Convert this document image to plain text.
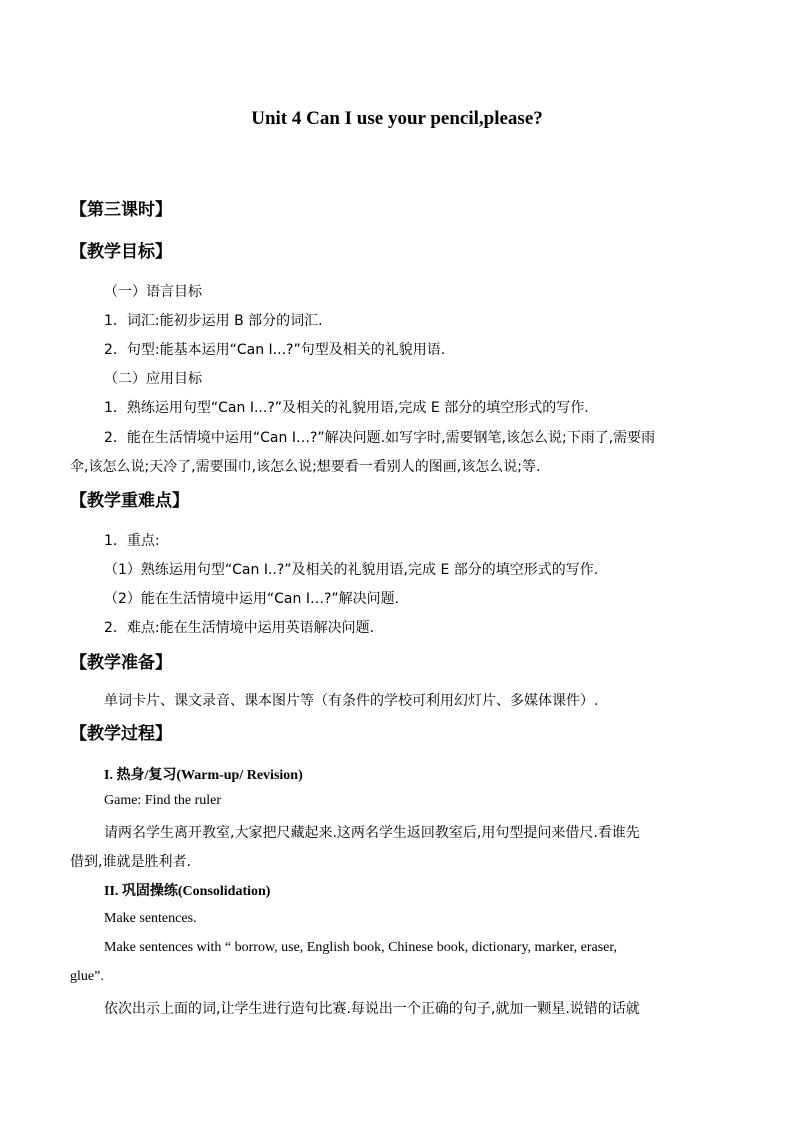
Unit 4 Can I use your pencil,please?
【第三课时】
【教学目标】
（一）语言目标
1．词汇:能初步运用 B 部分的词汇.
2．句型:能基本运用“Can I...?”句型及相关的礼貌用语.
（二）应用目标
1．熟练运用句型“Can I...?”及相关的礼貌用语,完成 E 部分的填空形式的写作.
2．能在生活情境中运用“Can I…?”解决问题.如写字时,需要钢笔,该怎么说;下雨了,需要雨
伞,该怎么说;天冷了,需要围巾,该怎么说;想要看一看别人的图画,该怎么说;等.
【教学重难点】
1．重点:
（1）熟练运用句型“Can I..?”及相关的礼貌用语,完成 E 部分的填空形式的写作.
（2）能在生活情境中运用“Can I…?”解决问题.
2．难点:能在生活情境中运用英语解决问题.
【教学准备】
单词卡片、课文录音、课本图片等（有条件的学校可利用幻灯片、多媒体课件）.
【教学过程】
I. 热身/复习(Warm-up/ Revision)
Game: Find the ruler
请两名学生离开教室,大家把尺藏起来.这两名学生返回教室后,用句型提问来借尺.看谁先
借到,谁就是胜利者.
II. 巩固操练(Consolidation)
Make sentences.
Make sentences with “ borrow, use, English book, Chinese book, dictionary, marker, eraser,
glue”.
依次出示上面的词,让学生进行造句比赛.每说出一个正确的句子,就加一颗星.说错的话就
